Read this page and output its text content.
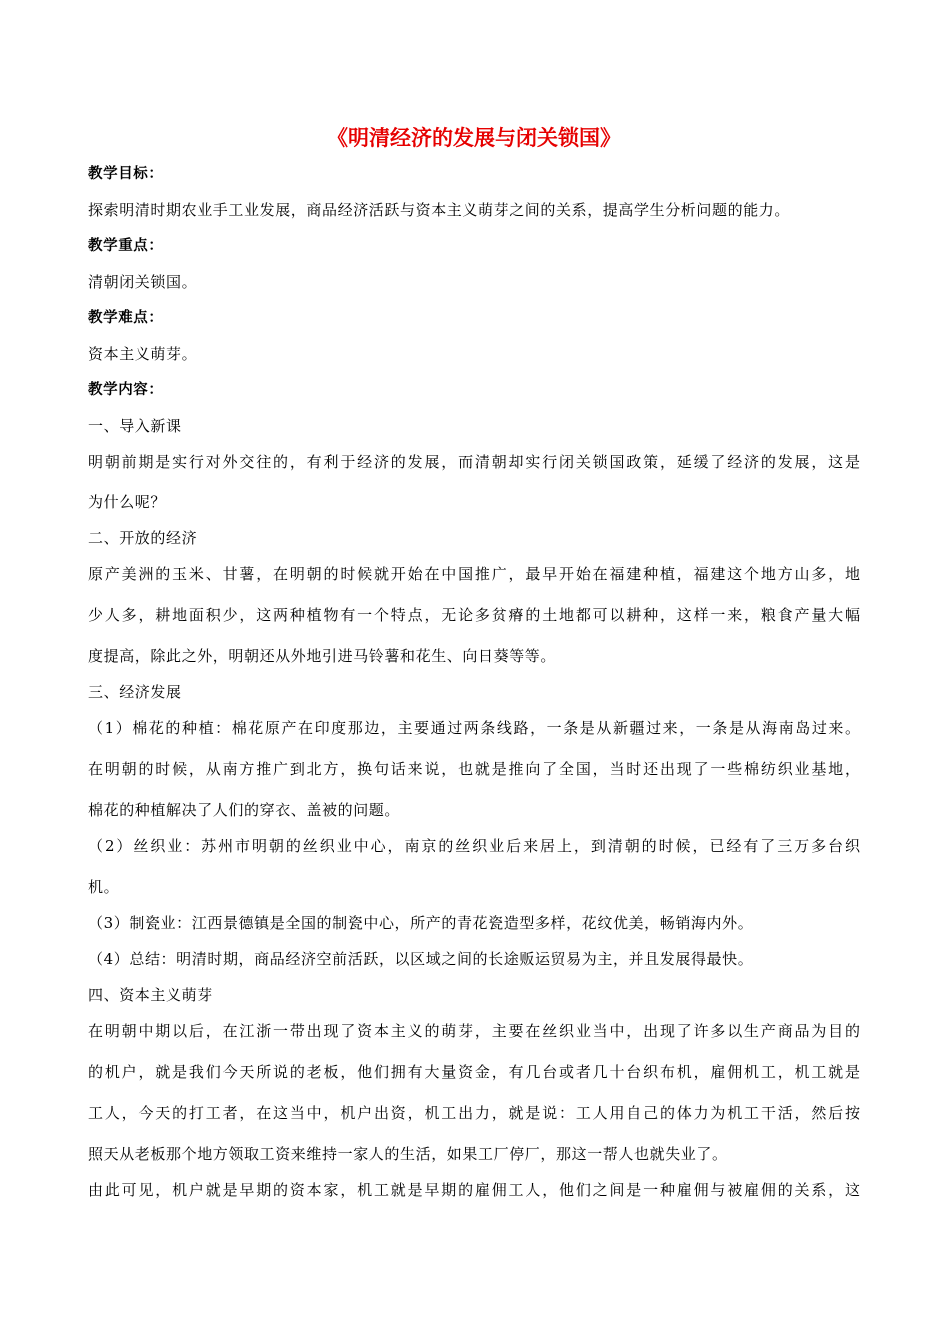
《明清经济的发展与闭关锁国》
教学目标：
探索明清时期农业手工业发展，商品经济活跃与资本主义萌芽之间的关系，提高学生分析问题的能力。
教学重点：
清朝闭关锁国。
教学难点：
资本主义萌芽。
教学内容：
一、导入新课
明朝前期是实行对外交往的，有利于经济的发展，而清朝却实行闭关锁国政策，延缓了经济的发展，这是
为什么呢？
二、开放的经济
原产美洲的玉米、甘薯，在明朝的时候就开始在中国推广，最早开始在福建种植，福建这个地方山多，地
少人多，耕地面积少，这两种植物有一个特点，无论多贫瘠的土地都可以耕种，这样一来，粮食产量大幅
度提高，除此之外，明朝还从外地引进马铃薯和花生、向日葵等等。
三、经济发展
（1）棉花的种植：棉花原产在印度那边，主要通过两条线路，一条是从新疆过来，一条是从海南岛过来。
在明朝的时候，从南方推广到北方，换句话来说，也就是推向了全国，当时还出现了一些棉纺织业基地，
棉花的种植解决了人们的穿衣、盖被的问题。
（2）丝织业：苏州市明朝的丝织业中心，南京的丝织业后来居上，到清朝的时候，已经有了三万多台织
机。
（3）制瓷业：江西景德镇是全国的制瓷中心，所产的青花瓷造型多样，花纹优美，畅销海内外。
（4）总结：明清时期，商品经济空前活跃，以区域之间的长途贩运贸易为主，并且发展得最快。
四、资本主义萌芽
在明朝中期以后，在江浙一带出现了资本主义的萌芽，主要在丝织业当中，出现了许多以生产商品为目的
的机户，就是我们今天所说的老板，他们拥有大量资金，有几台或者几十台织布机，雇佣机工，机工就是
工人，今天的打工者，在这当中，机户出资，机工出力，就是说：工人用自己的体力为机工干活，然后按
照天从老板那个地方领取工资来维持一家人的生活，如果工厂停厂，那这一帮人也就失业了。
由此可见，机户就是早期的资本家，机工就是早期的雇佣工人，他们之间是一种雇佣与被雇佣的关系，这
